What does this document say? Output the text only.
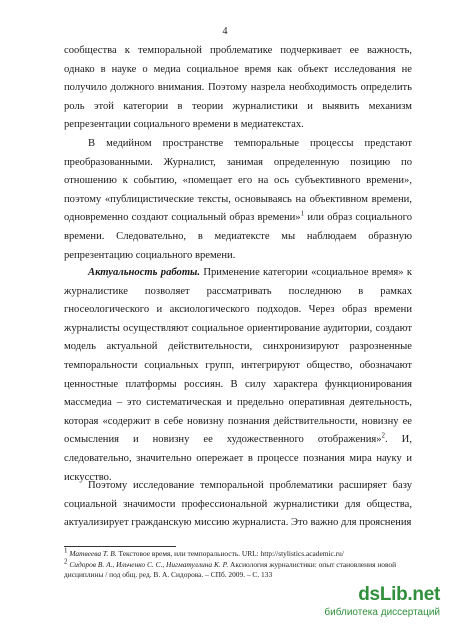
4

сообщества к темпоральной проблематике подчеркивает ее важность, однако в науке о медиа социальное время как объект исследования не получило должного внимания. Поэтому назрела необходимость определить роль этой категории в теории журналистики и выявить механизм репрезентации социального времени в медиатекстах.

В медийном пространстве темпоральные процессы предстают преобразованными. Журналист, занимая определенную позицию по отношению к событию, «помещает его на ось субъективного времени», поэтому «публицистические тексты, основываясь на объективном времени, одновременно создают социальный образ времени»$^1$ или образ социального времени. Следовательно, в медиатексте мы наблюдаем образную репрезентацию социального времени.

Актуальность работы. Применение категории «социальное время» к журналистике позволяет рассматривать последнюю в рамках гносеологического и аксиологического подходов. Через образ времени журналисты осуществляют социальное ориентирование аудитории, создают модель актуальной действительности, синхронизируют разрозненные темпоральности социальных групп, интегрируют общество, обозначают ценностные платформы россиян. В силу характера функционирования массмедиа – это систематическая и предельно оперативная деятельность, которая «содержит в себе новизну познания действительности, новизну ее осмысления и новизну ее художественного отображения»$^2$. И, следовательно, значительно опережает в процессе познания мира науку и искусство.

Поэтому исследование темпоральной проблематики расширяет базу социальной значимости профессиональной журналистики для общества, актуализирует гражданскую миссию журналиста. Это важно для прояснения

$^1$ Матвеева Т. В. Текстовое время, или темпоральность. URL: http://stylistics.academic.ru/

$^2$ Сидоров В. А., Ильченко С. С., Нигматуллина К. Р. Аксиология журналистики: опыт становления новой дисциплины / под общ. ред. В. А. Сидорова. – СПб. 2009. – С. 133

dsLib.net
библиотека диссертаций
